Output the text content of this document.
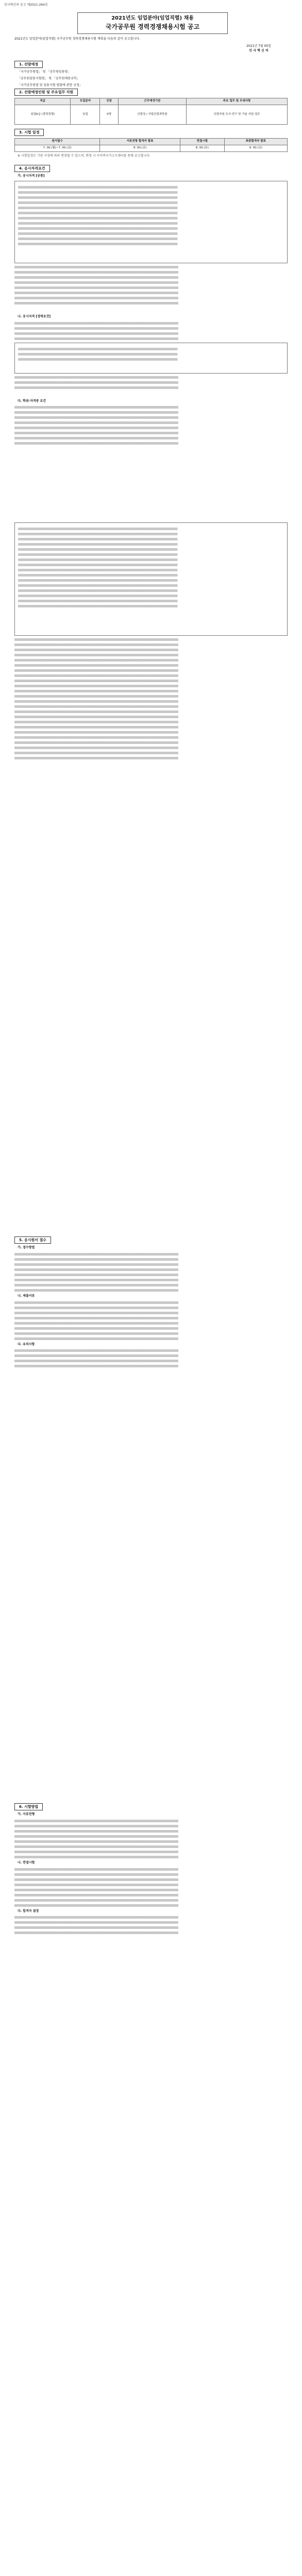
인사혁신처 공고 제2021-264호
2021년도 임업분야(임업직렬) 채용
국가공무원 경력경쟁채용시험 공고
2021년도 임업분야(임업직렬) 국가공무원 경력경쟁채용시험 계획을 다음과 같이 공고합니다.
2021년 7월 00일
인 사 혁 신 처
1. 선발예정
「국가공무원법」 및 「공무원임용령」
「공무원임용시험령」 및 「공무원채용규칙」
「국가공무원법 및 임용시험 법령에 관한 규정」
2. 선발예정인원 및 주요업무 지원
직급	모집분야	인원	근무예정기관	주요 업무 및 우대사항
임업6급 (경력경쟁)	임업	0명	산림청 / 국립산림과학원	산림자원 조사·연구 및 기술 지원 업무
3. 시험 일정
원서접수	서류전형 합격자 발표	면접시험	최종합격자 발표
7. 00.(월)~7. 00.(금)	8. 00.(금)	8. 00.(토)	9. 00.(금)
※ 시험일정은 기관 사정에 따라 변경될 수 있으며, 변경 시 사이버국가고시센터를 통해 공고합니다.
4. 응시자격요건
가. 응시자격 [공통]
나. 응시자격 [경력요건]
다. 학위·자격증 요건
5. 응시원서 접수
가. 접수방법
나. 제출서류
다. 유의사항
6. 시험방법
가. 서류전형
나. 면접시험
다. 합격자 결정
